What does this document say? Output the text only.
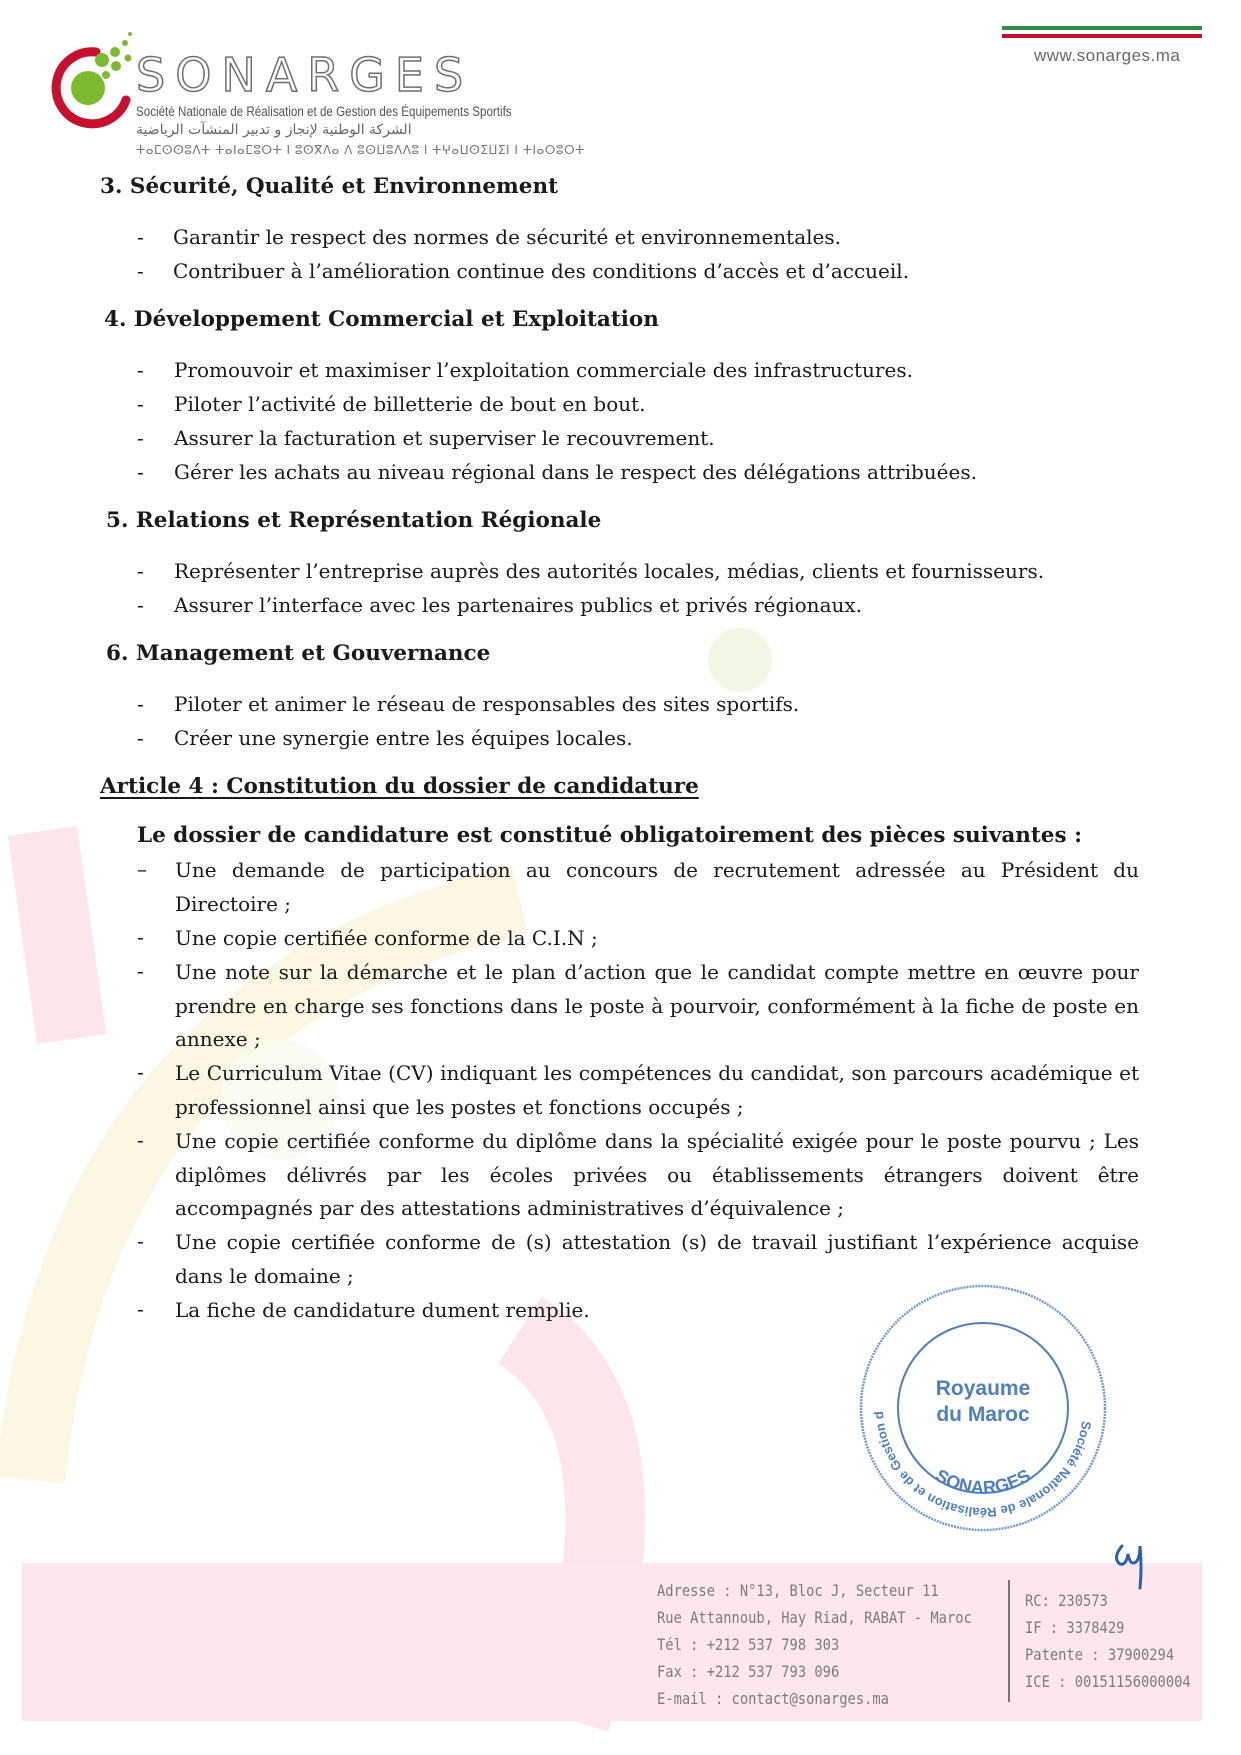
SONARGES
Société Nationale de Réalisation et de Gestion des Équipements Sportifs
الشركة الوطنية لإنجاز و تدبير المنشآت الرياضية
ⵜⴰⵎⵙⵙⵓⴷⵜ ⵜⴰⵏⴰⵎⵓⵔⵜ ⵏ ⵓⵙⴳⴷⴰ ⴷ ⵓⵙⵡⵓⴷⴷⵓ ⵏ ⵜⵖⴰⵡⵙⵉⵡⵉⵏ ⵏ ⵜⵏⴰⵔⵓⵔⵜ
www.sonarges.ma
3. Sécurité, Qualité et Environnement
- Garantir le respect des normes de sécurité et environnementales.
- Contribuer à l’amélioration continue des conditions d’accès et d’accueil.
4. Développement Commercial et Exploitation
- Promouvoir et maximiser l’exploitation commerciale des infrastructures.
- Piloter l’activité de billetterie de bout en bout.
- Assurer la facturation et superviser le recouvrement.
- Gérer les achats au niveau régional dans le respect des délégations attribuées.
5. Relations et Représentation Régionale
- Représenter l’entreprise auprès des autorités locales, médias, clients et fournisseurs.
- Assurer l’interface avec les partenaires publics et privés régionaux.
6. Management et Gouvernance
- Piloter et animer le réseau de responsables des sites sportifs.
- Créer une synergie entre les équipes locales.
Article 4 : Constitution du dossier de candidature
Le dossier de candidature est constitué obligatoirement des pièces suivantes :
– Une demande de participation au concours de recrutement adressée au Président du Directoire ;
- Une copie certifiée conforme de la C.I.N ;
- Une note sur la démarche et le plan d’action que le candidat compte mettre en œuvre pour prendre en charge ses fonctions dans le poste à pourvoir, conformément à la fiche de poste en annexe ;
- Le Curriculum Vitae (CV) indiquant les compétences du candidat, son parcours académique et professionnel ainsi que les postes et fonctions occupés ;
- Une copie certifiée conforme du diplôme dans la spécialité exigée pour le poste pourvu ; Les diplômes délivrés par les écoles privées ou établissements étrangers doivent être accompagnés par des attestations administratives d’équivalence ;
- Une copie certifiée conforme de (s) attestation (s) de travail justifiant l’expérience acquise dans le domaine ;
- La fiche de candidature dument remplie.
Société Nationale de Réalisation et de Gestion d
SONARGES
Royaume
du Maroc
Adresse : N°13, Bloc J, Secteur 11
Rue Attannoub, Hay Riad, RABAT - Maroc
Tél : +212 537 798 303
Fax : +212 537 793 096
E-mail : contact@sonarges.ma
RC: 230573
IF : 3378429
Patente : 37900294
ICE : 00151156000004
